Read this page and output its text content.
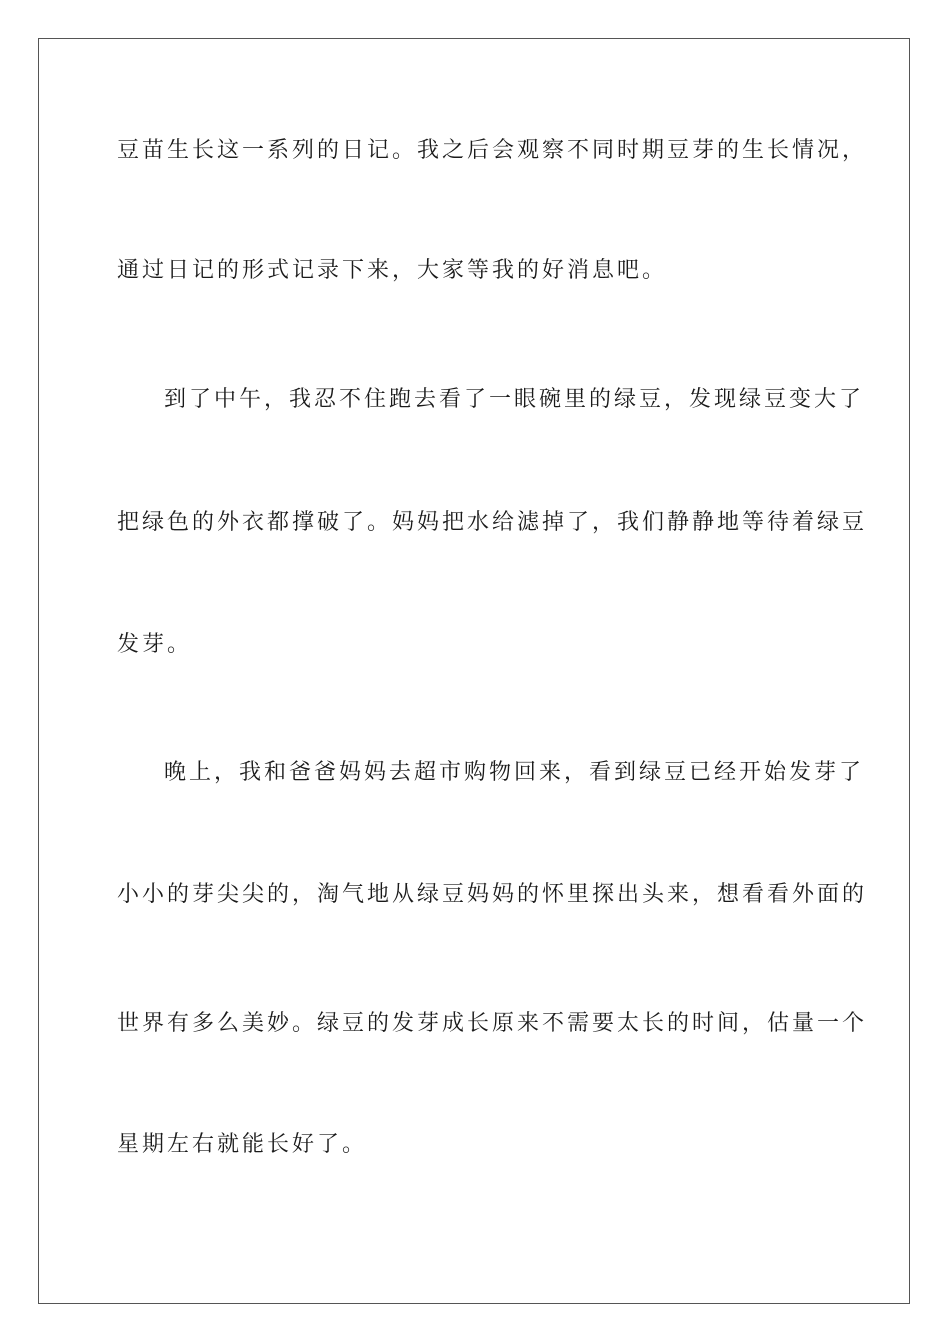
豆苗生长这一系列的日记。我之后会观察不同时期豆芽的生长情况，
通过日记的形式记录下来，大家等我的好消息吧。
到了中午，我忍不住跑去看了一眼碗里的绿豆，发现绿豆变大了
把绿色的外衣都撑破了。妈妈把水给滤掉了，我们静静地等待着绿豆
发芽。
晚上，我和爸爸妈妈去超市购物回来，看到绿豆已经开始发芽了
小小的芽尖尖的，淘气地从绿豆妈妈的怀里探出头来，想看看外面的
世界有多么美妙。绿豆的发芽成长原来不需要太长的时间，估量一个
星期左右就能长好了。
